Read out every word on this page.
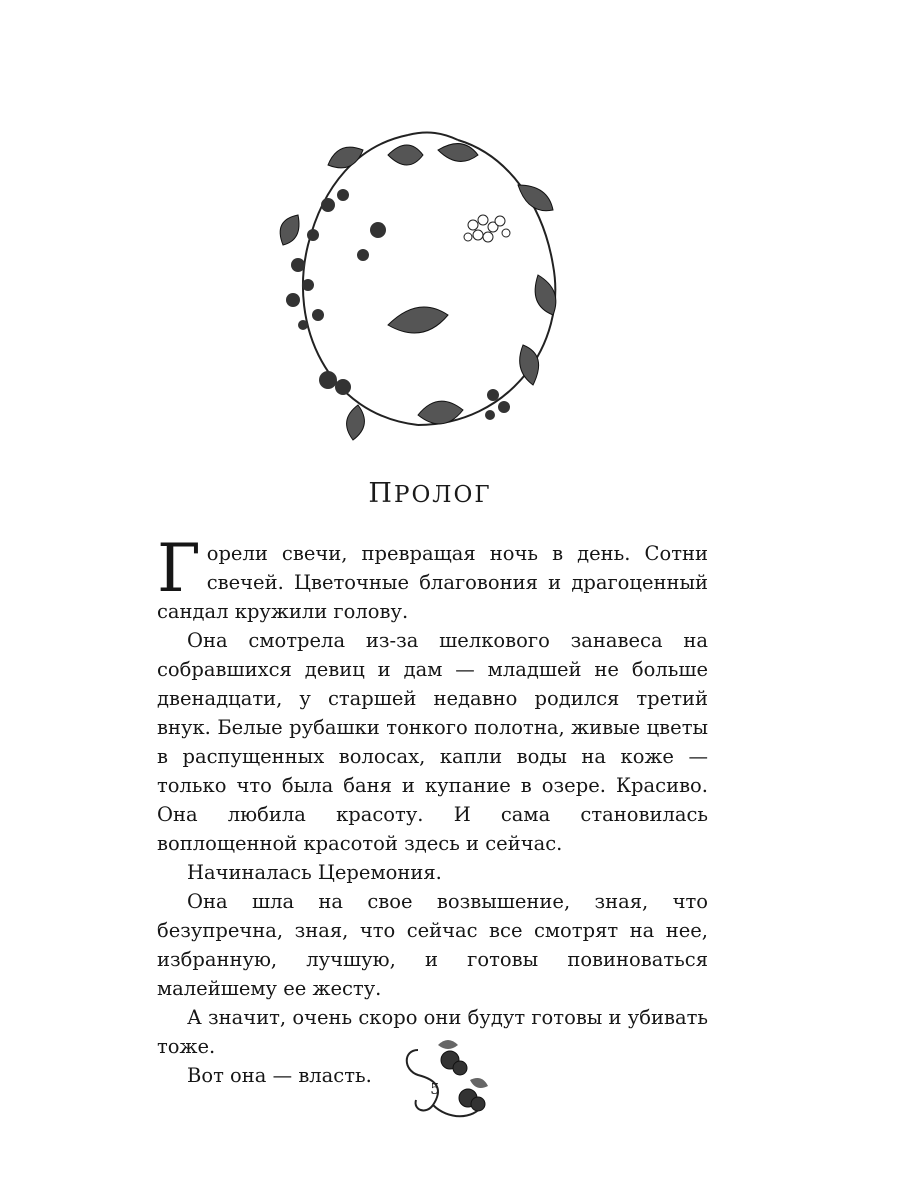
ПРОЛОГ

Горели свечи, превращая ночь в день. Сотни свечей. Цветочные благовония и драгоценный сандал кружили голову.

Она смотрела из-за шелкового занавеса на собравшихся девиц и дам — младшей не больше двенадцати, у старшей недавно родился третий внук. Белые рубашки тонкого полотна, живые цветы в распущенных волосах, капли воды на коже — только что была баня и купание в озере. Красиво. Она любила красоту. И сама становилась воплощенной красотой здесь и сейчас.

Начиналась Церемония.

Она шла на свое возвышение, зная, что безупречна, зная, что сейчас все смотрят на нее, избранную, лучшую, и готовы повиноваться малейшему ее жесту.

А значит, очень скоро они будут готовы и убивать тоже.

Вот она — власть.

5
